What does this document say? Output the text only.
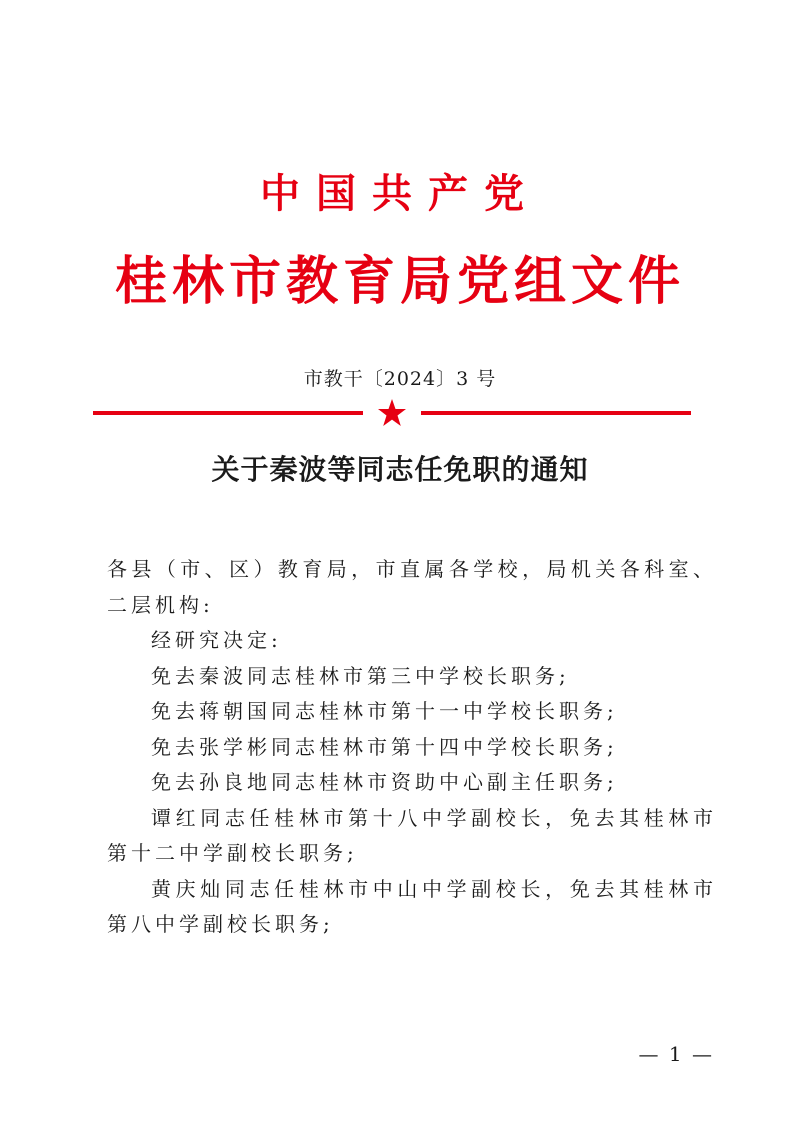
中国共产党
桂林市教育局党组文件
市教干〔2024〕3 号
关于秦波等同志任免职的通知

各县（市、区）教育局，市直属各学校，局机关各科室、二层机构:

经研究决定:

免去秦波同志桂林市第三中学校长职务;

免去蒋朝国同志桂林市第十一中学校长职务;

免去张学彬同志桂林市第十四中学校长职务;

免去孙良地同志桂林市资助中心副主任职务;

谭红同志任桂林市第十八中学副校长，免去其桂林市第十二中学副校长职务;

黄庆灿同志任桂林市中山中学副校长，免去其桂林市第八中学副校长职务;

— 1 —
